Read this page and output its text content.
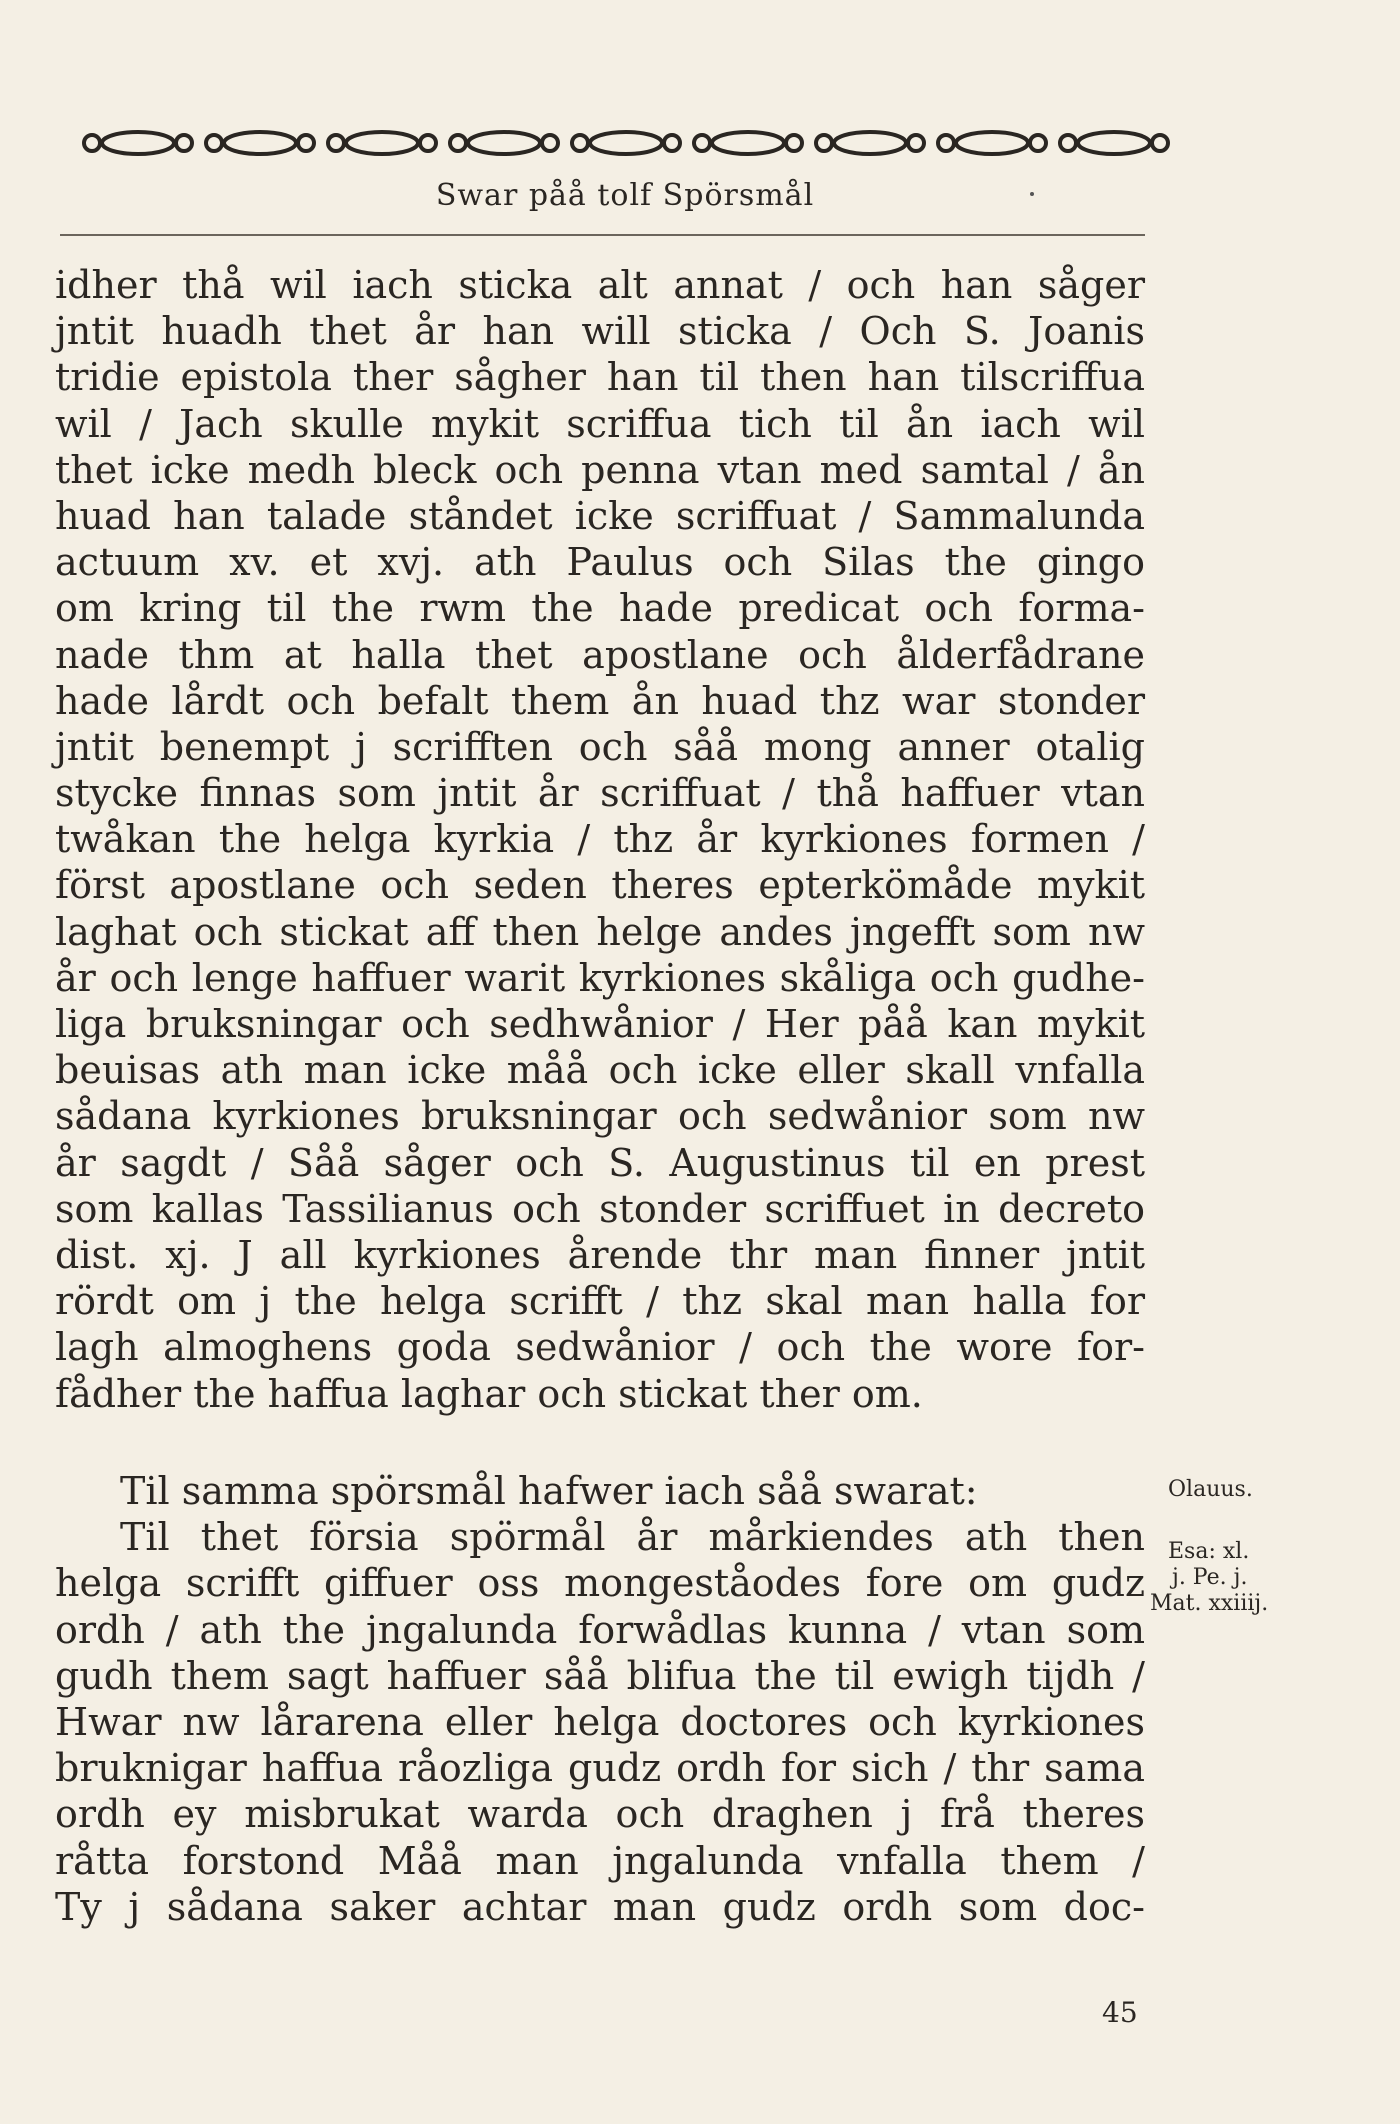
Swar påå tolf Spörsmål
idher thå wil iach sticka alt annat / och han såger
jntit huadh thet år han will sticka / Och S. Joanis
tridie epistola ther sågher han til then han tilscriffua
wil / Jach skulle mykit scriffua tich til ån iach wil
thet icke medh bleck och penna vtan med samtal / ån
huad han talade ståndet icke scriffuat / Sammalunda
actuum xv. et xvj. ath Paulus och Silas the gingo
om kring til the rwm the hade predicat och forma-
nade thm at halla thet apostlane och ålderfådrane
hade lårdt och befalt them ån huad thz war stonder
jntit benempt j scrifften och såå mong anner otalig
stycke finnas som jntit år scriffuat / thå haffuer vtan
twåkan the helga kyrkia / thz år kyrkiones formen /
först apostlane och seden theres epterkömåde mykit
laghat och stickat aff then helge andes jngefft som nw
år och lenge haffuer warit kyrkiones skåliga och gudhe-
liga bruksningar och sedhwånior / Her påå kan mykit
beuisas ath man icke måå och icke eller skall vnfalla
sådana kyrkiones bruksningar och sedwånior som nw
år sagdt / Såå såger och S. Augustinus til en prest
som kallas Tassilianus och stonder scriffuet in decreto
dist. xj. J all kyrkiones årende thr man finner jntit
rördt om j the helga scrifft / thz skal man halla for
lagh almoghens goda sedwånior / och the wore for-
fådher the haffua laghar och stickat ther om.
Til samma spörsmål hafwer iach såå swarat:
Til thet försia spörmål år mårkiendes ath then
helga scrifft giffuer oss mongeståodes fore om gudz
ordh / ath the jngalunda forwådlas kunna / vtan som
gudh them sagt haffuer såå blifua the til ewigh tijdh /
Hwar nw lårarena eller helga doctores och kyrkiones
bruknigar haffua råozliga gudz ordh for sich / thr sama
ordh ey misbrukat warda och draghen j frå theres
råtta forstond Måå man jngalunda vnfalla them /
Ty j sådana saker achtar man gudz ordh som doc-
Olauus.
Esa: xl.
j. Pe. j.
Mat. xxiiij.
45
